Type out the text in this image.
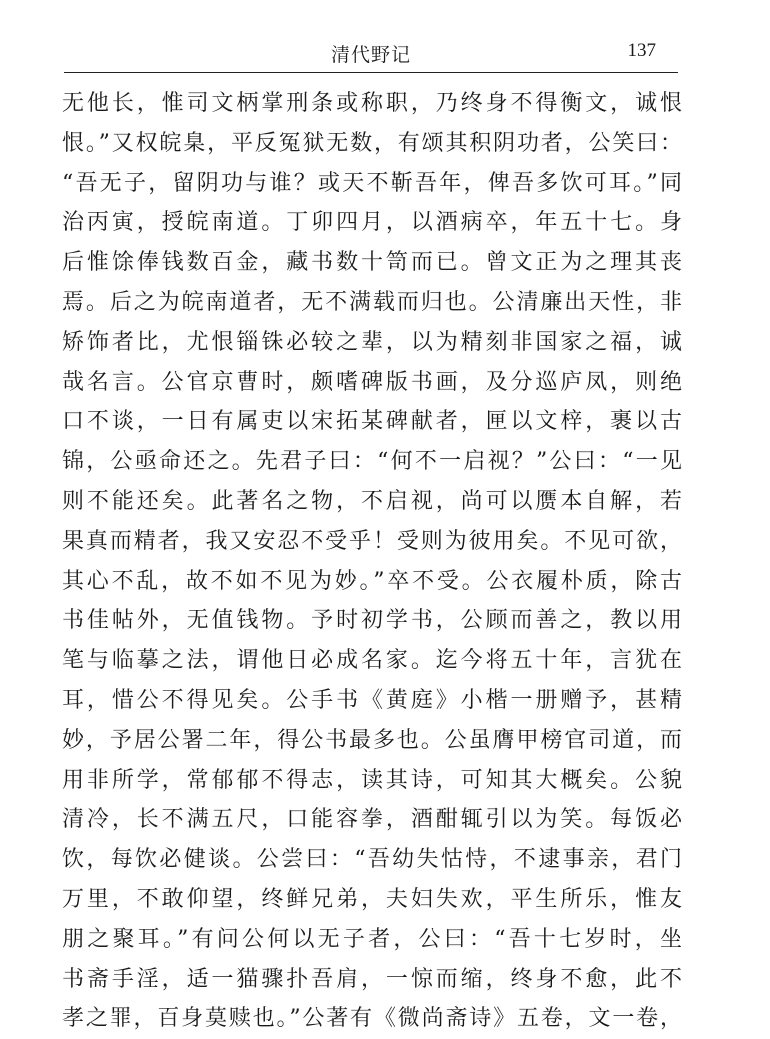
清代野记	137
无他长，惟司文柄掌刑条或称职，乃终身不得衡文，诚恨
恨。”又权皖臬，平反冤狱无数，有颂其积阴功者，公笑曰：
“吾无子，留阴功与谁？或天不靳吾年，俾吾多饮可耳。”同
治丙寅，授皖南道。丁卯四月，以酒病卒，年五十七。身
后惟馀俸钱数百金，藏书数十笥而已。曾文正为之理其丧
焉。后之为皖南道者，无不满载而归也。公清廉出天性，非
矫饰者比，尤恨锱铢必较之辈，以为精刻非国家之福，诚
哉名言。公官京曹时，颇嗜碑版书画，及分巡庐凤，则绝
口不谈，一日有属吏以宋拓某碑献者，匣以文梓，裹以古
锦，公亟命还之。先君子曰：“何不一启视？”公曰：“一见
则不能还矣。此著名之物，不启视，尚可以赝本自解，若
果真而精者，我又安忍不受乎！受则为彼用矣。不见可欲，
其心不乱，故不如不见为妙。”卒不受。公衣履朴质，除古
书佳帖外，无值钱物。予时初学书，公顾而善之，教以用
笔与临摹之法，谓他日必成名家。迄今将五十年，言犹在
耳，惜公不得见矣。公手书《黄庭》小楷一册赠予，甚精
妙，予居公署二年，得公书最多也。公虽膺甲榜官司道，而
用非所学，常郁郁不得志，读其诗，可知其大概矣。公貌
清冷，长不满五尺，口能容拳，酒酣辄引以为笑。每饭必
饮，每饮必健谈。公尝曰：“吾幼失怙恃，不逮事亲，君门
万里，不敢仰望，终鲜兄弟，夫妇失欢，平生所乐，惟友
朋之聚耳。”有问公何以无子者，公曰：“吾十七岁时，坐
书斋手淫，适一猫骤扑吾肩，一惊而缩，终身不愈，此不
孝之罪，百身莫赎也。”公著有《微尚斋诗》五卷，文一卷，
